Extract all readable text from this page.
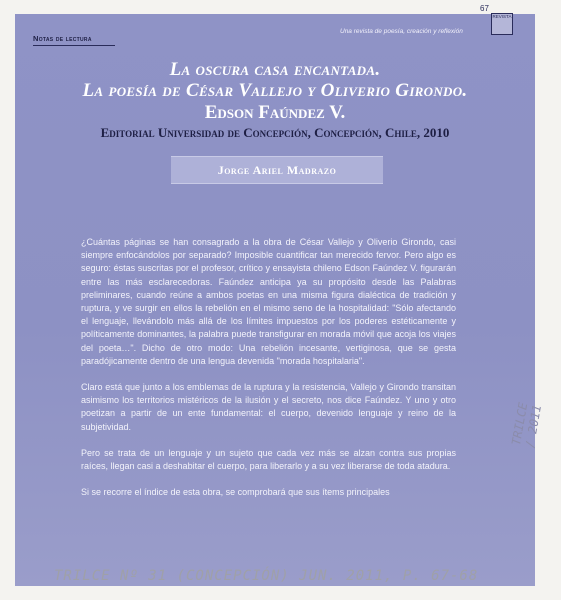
Notas de lectura
Una revista de poesía, creación y reflexión
La oscura casa encantada.
La poesía de César Vallejo y Oliverio Girondo.
Edson Faúndez V.
Editorial Universidad de Concepción, Concepción, Chile, 2010
Jorge Ariel Madrazo

¿Cuántas páginas se han consagrado a la obra de César Vallejo y Oliverio Girondo, casi siempre enfocándolos por separado? Imposible cuantificar tan merecido fervor. Pero algo es seguro: éstas suscritas por el profesor, crítico y ensayista chileno Edson Faúndez V. figurarán entre las más esclarecedoras. Faúndez anticipa ya su propósito desde las Palabras preliminares, cuando reúne a ambos poetas en una misma figura dialéctica de tradición y ruptura, y ve surgir en ellos la rebelión en el mismo seno de la hospitalidad: "Sólo afectando el lenguaje, llevándolo más allá de los límites impuestos por los poderes estéticamente y políticamente dominantes, la palabra puede transfigurar en morada móvil que acoja los viajes del poeta…". Dicho de otro modo: Una rebelión incesante, vertiginosa, que se gesta paradójicamente dentro de una lengua devenida "morada hospitalaria".

Claro está que junto a los emblemas de la ruptura y la resistencia, Vallejo y Girondo transitan asimismo los territorios mistéricos de la ilusión y el secreto, nos dice Faúndez. Y uno y otro poetizan a partir de un ente fundamental: el cuerpo, devenido lenguaje y reino de la subjetividad.

Pero se trata de un lenguaje y un sujeto que cada vez más se alzan contra sus propias raíces, llegan casi a deshabitar el cuerpo, para liberarlo y a su vez liberarse de toda atadura.

Si se recorre el índice de esta obra, se comprobará que sus ítems principales

TRILCE / 2011
67
REVISTA
TRILCE Nº 31 (CONCEPCIÓN) JUN. 2011, P. 67-68
